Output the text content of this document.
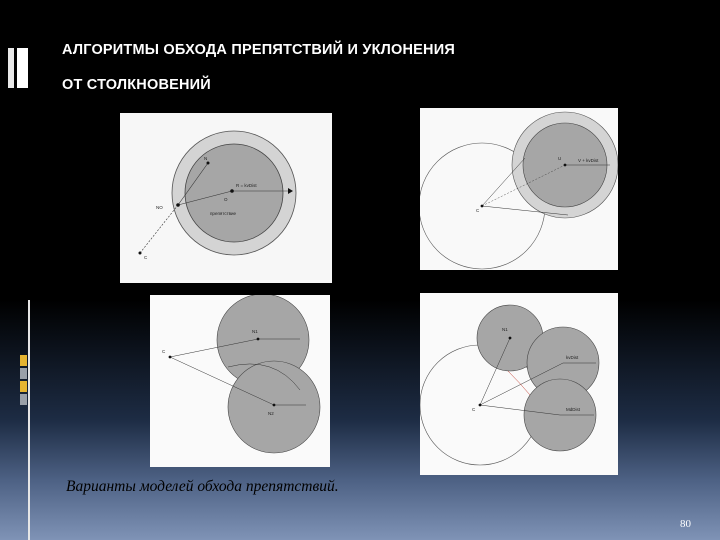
АЛГОРИТМЫ ОБХОДА ПРЕПЯТСТВИЙ И УКЛОНЕНИЯ
ОТ СТОЛКНОВЕНИЙ
N
R = kvDist
O
NO
препятствие
C
V + kvDist
U
C
N1
N2
C
N1
kvDist
C	MdDist
Варианты моделей обхода препятствий.
80
